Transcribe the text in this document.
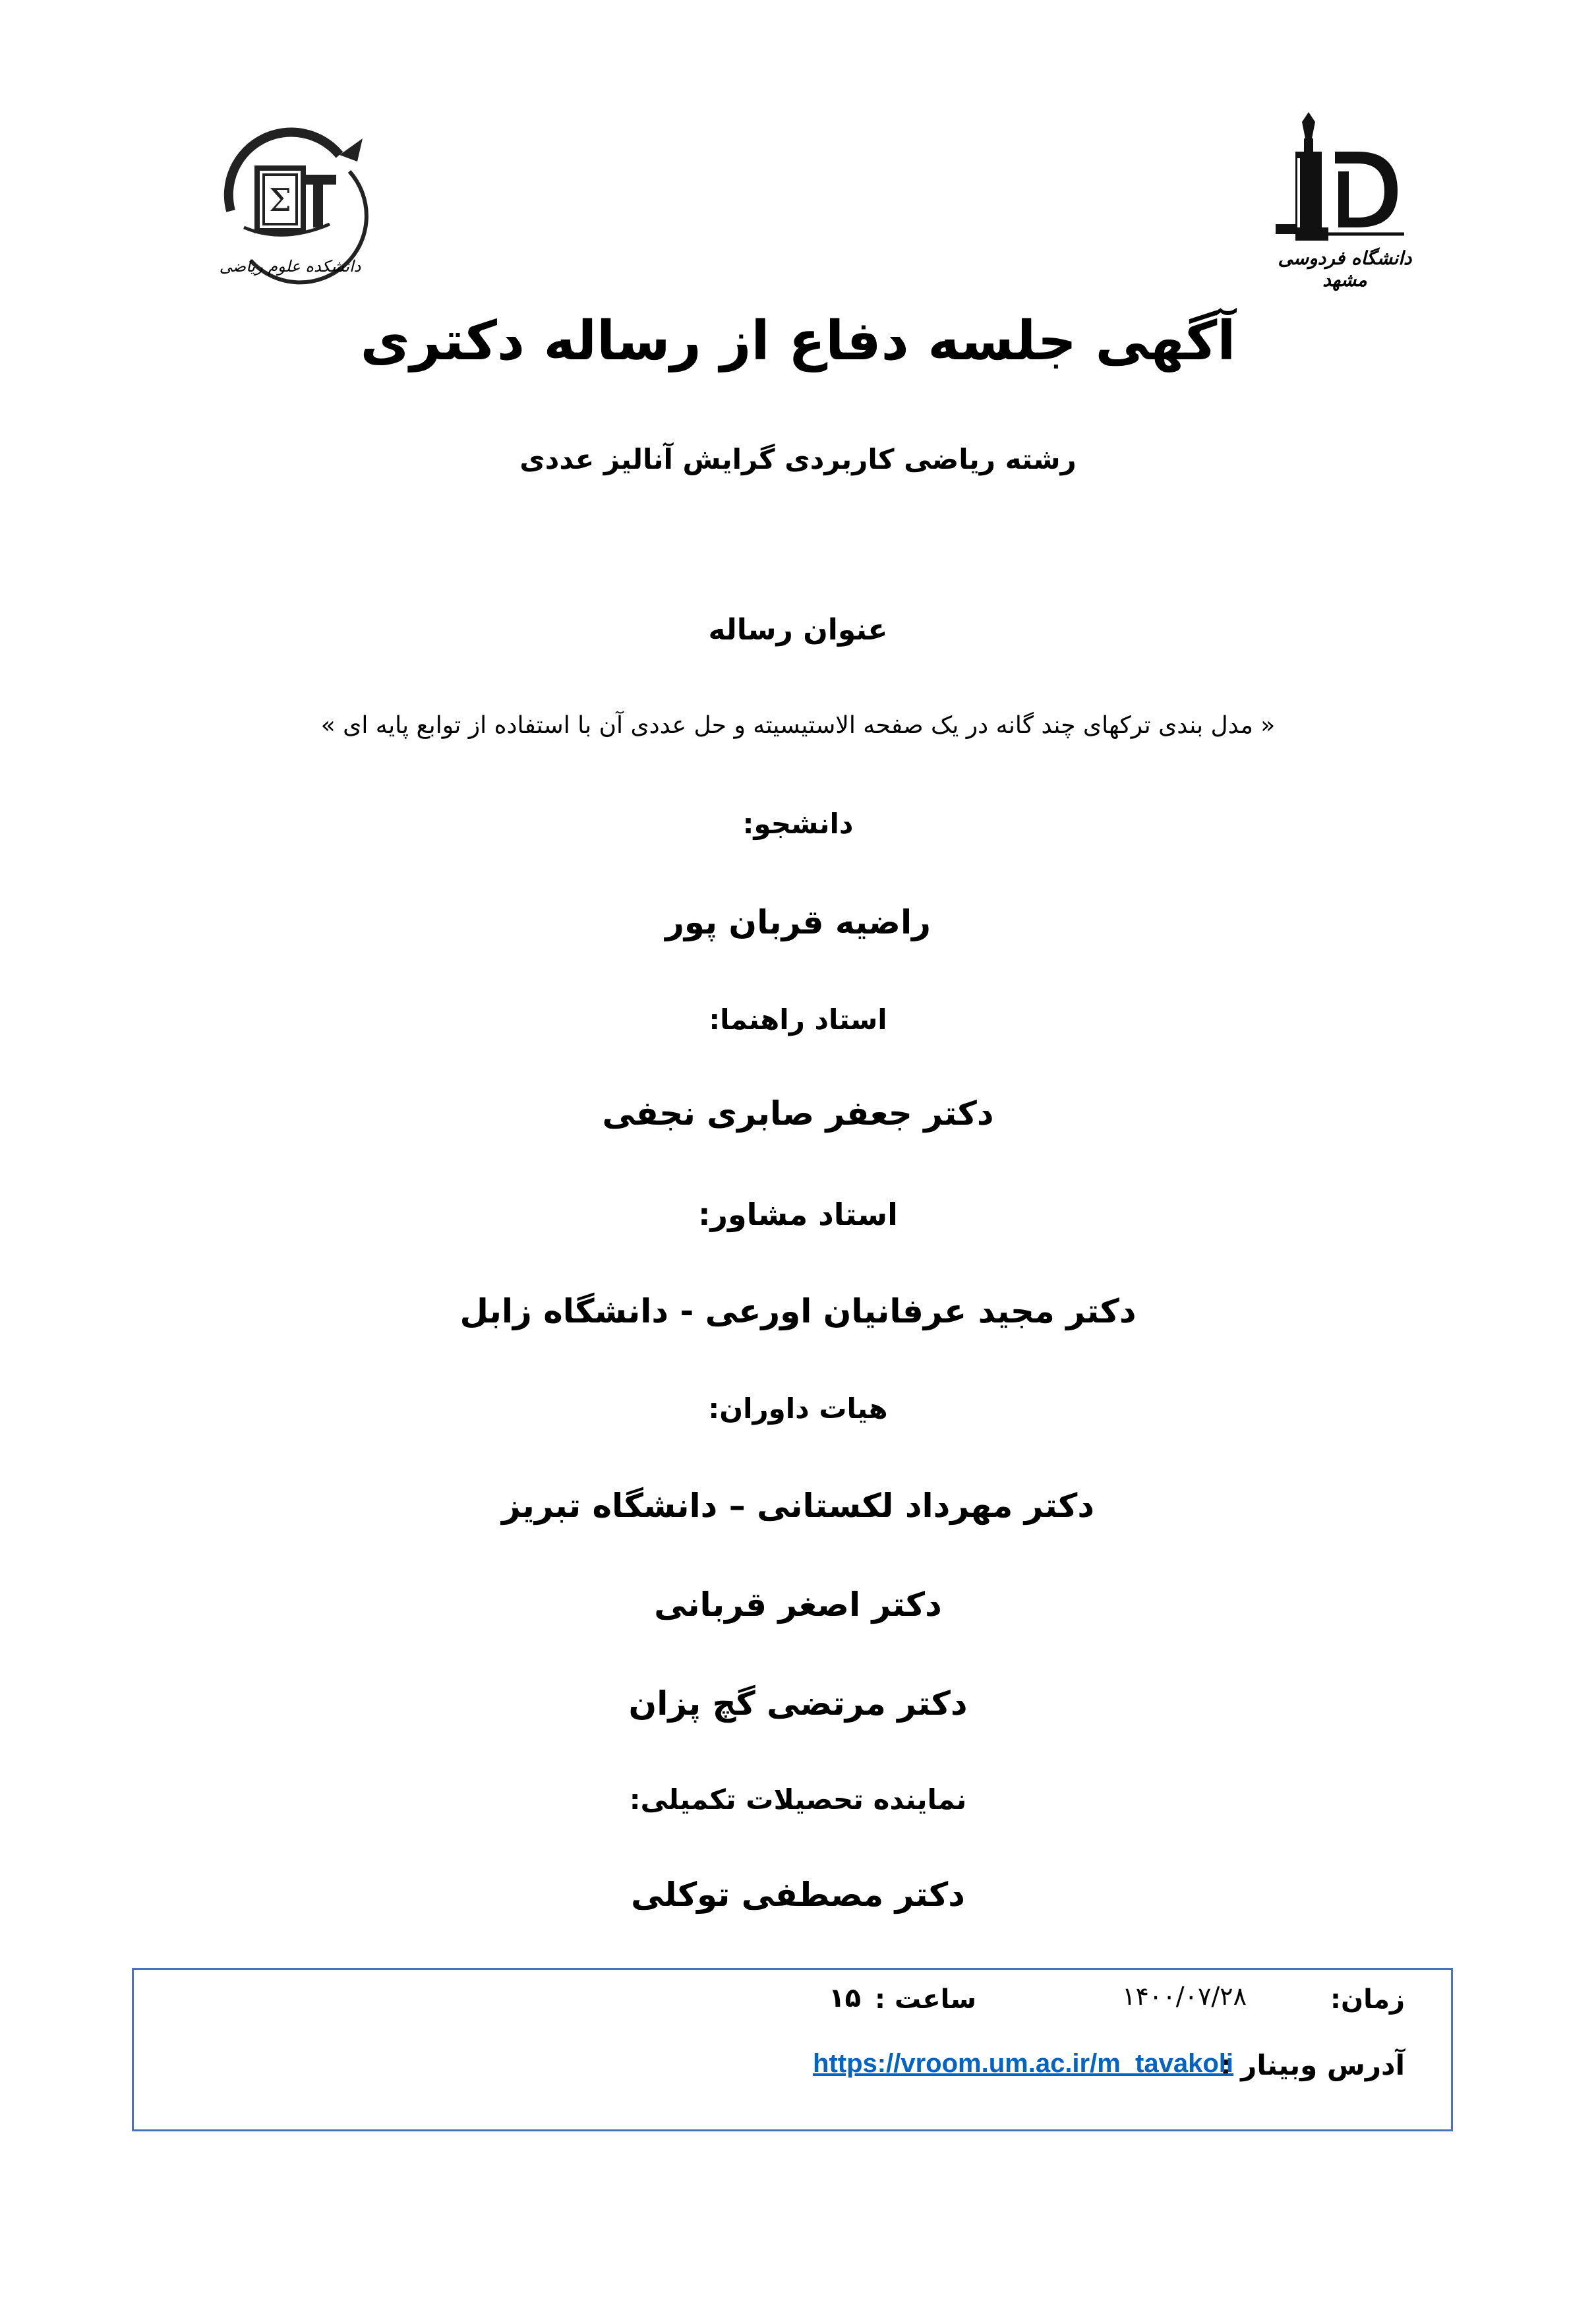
Σ
دانشکده علوم ریاضی	دانشگاه فردوسی مشهد
آگهی جلسه دفاع از رساله دکتری
رشته ریاضی کاربردی گرایش آنالیز عددی
عنوان رساله
« مدل بندی ترکهای چند گانه در یک صفحه الاستیسیته و حل عددی آن با استفاده از توابع پایه ای »
دانشجو:
راضیه قربان پور
استاد راهنما:
دکتر جعفر صابری نجفی
استاد مشاور:
دکتر مجید عرفانیان اورعی - دانشگاه زابل
هیات داوران:
دکتر مهرداد لکستانی – دانشگاه تبریز
دکتر اصغر قربانی
دکتر مرتضی گچ پزان
نماینده تحصیلات تکمیلی:
دکتر مصطفی توکلی
زمان:
۱۴۰۰/۰۷/۲۸
ساعت :
۱۵
آدرس وبینار :
https://vroom.um.ac.ir/m_tavakoli
